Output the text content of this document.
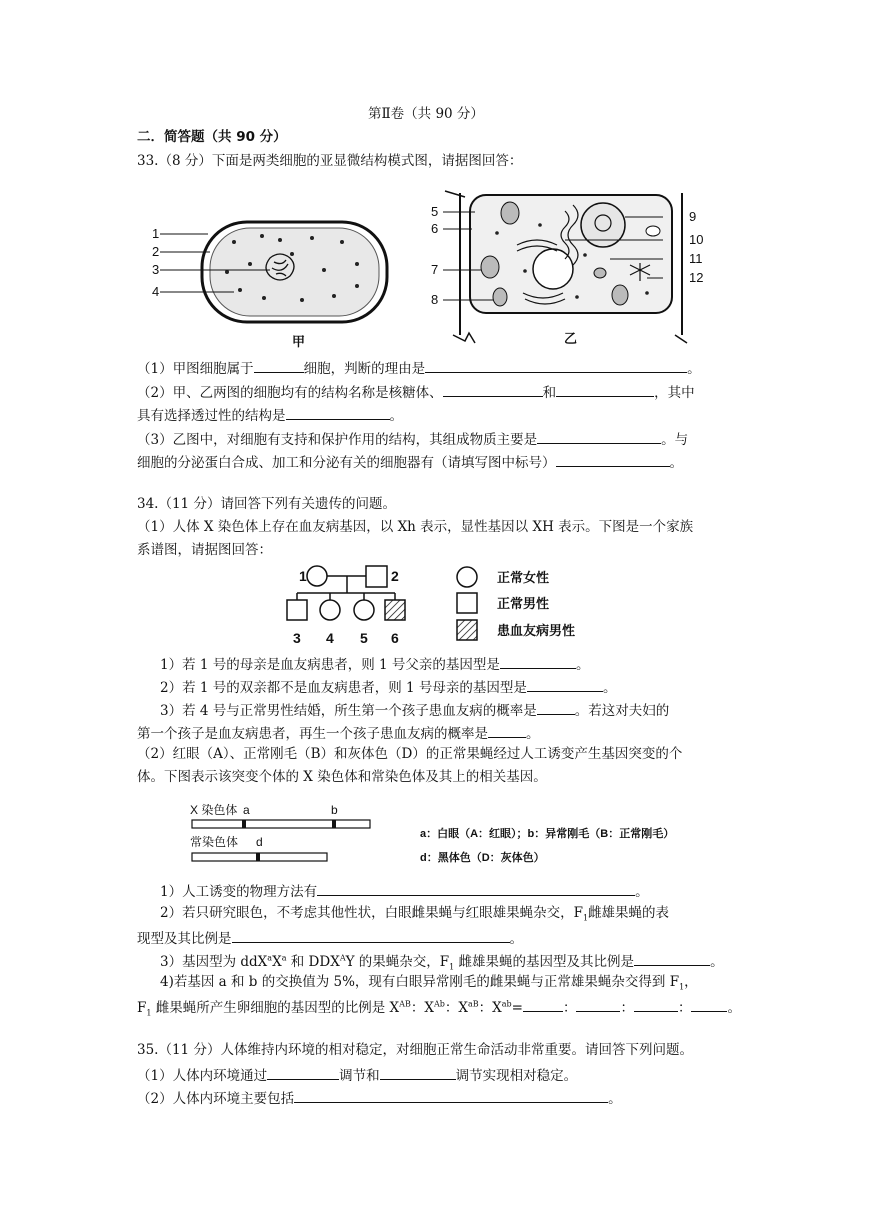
第Ⅱ卷（共 90 分）
二．简答题（共 90 分）
33.（8 分）下面是两类细胞的亚显微结构模式图，请据图回答：
1
2
3
4
甲
5
6
7
8
9
10
11
12
乙
（1）甲图细胞属于	细胞，判断的理由是	。
（2）甲、乙两图的细胞均有的结构名称是核糖体、	和	，其中
具有选择透过性的结构是	。
（3）乙图中，对细胞有支持和保护作用的结构，其组成物质主要是	。与
细胞的分泌蛋白合成、加工和分泌有关的细胞器有（请填写图中标号）	。
34.（11 分）请回答下列有关遗传的问题。
（1）人体 X 染色体上存在血友病基因，以 Xh 表示，显性基因以 XH 表示。下图是一个家族
系谱图，请据图回答：
1	2
3 4 5 6
正常女性
正常男性
患血友病男性
1）若 1 号的母亲是血友病患者，则 1 号父亲的基因型是	。
2）若 1 号的双亲都不是血友病患者，则 1 号母亲的基因型是	。
3）若 4 号与正常男性结婚，所生第一个孩子患血友病的概率是	。若这对夫妇的
第一个孩子是血友病患者，再生一个孩子患血友病的概率是	。
（2）红眼（A）、正常刚毛（B）和灰体色（D）的正常果蝇经过人工诱变产生基因突变的个
体。下图表示该突变个体的 X 染色体和常染色体及其上的相关基因。
X 染色体 a	b
常染色体 d
a：白眼（A：红眼）；b：异常刚毛（B：正常刚毛）
d：黑体色（D：灰体色）
1）人工诱变的物理方法有	。
2）若只研究眼色，不考虑其他性状，白眼雌果蝇与红眼雄果蝇杂交，$F_1$雌雄果蝇的表
现型及其比例是	。
3）基因型为 $ddX^aX^a$ 和 $DDX^AY$ 的果蝇杂交，$F_1$ 雌雄果蝇的基因型及其比例是	。
4)若基因 a 和 b 的交换值为 5%，现有白眼异常刚毛的雌果蝇与正常雄果蝇杂交得到 $F_1$，
$F_1$ 雌果蝇所产生卵细胞的基因型的比例是 $X^{AB}$：$X^{Ab}$：$X^{aB}$：$X^{ab}=$	：	：	：	。
35.（11 分）人体维持内环境的相对稳定，对细胞正常生命活动非常重要。请回答下列问题。
（1）人体内环境通过	调节和	调节实现相对稳定。
（2）人体内环境主要包括	。
